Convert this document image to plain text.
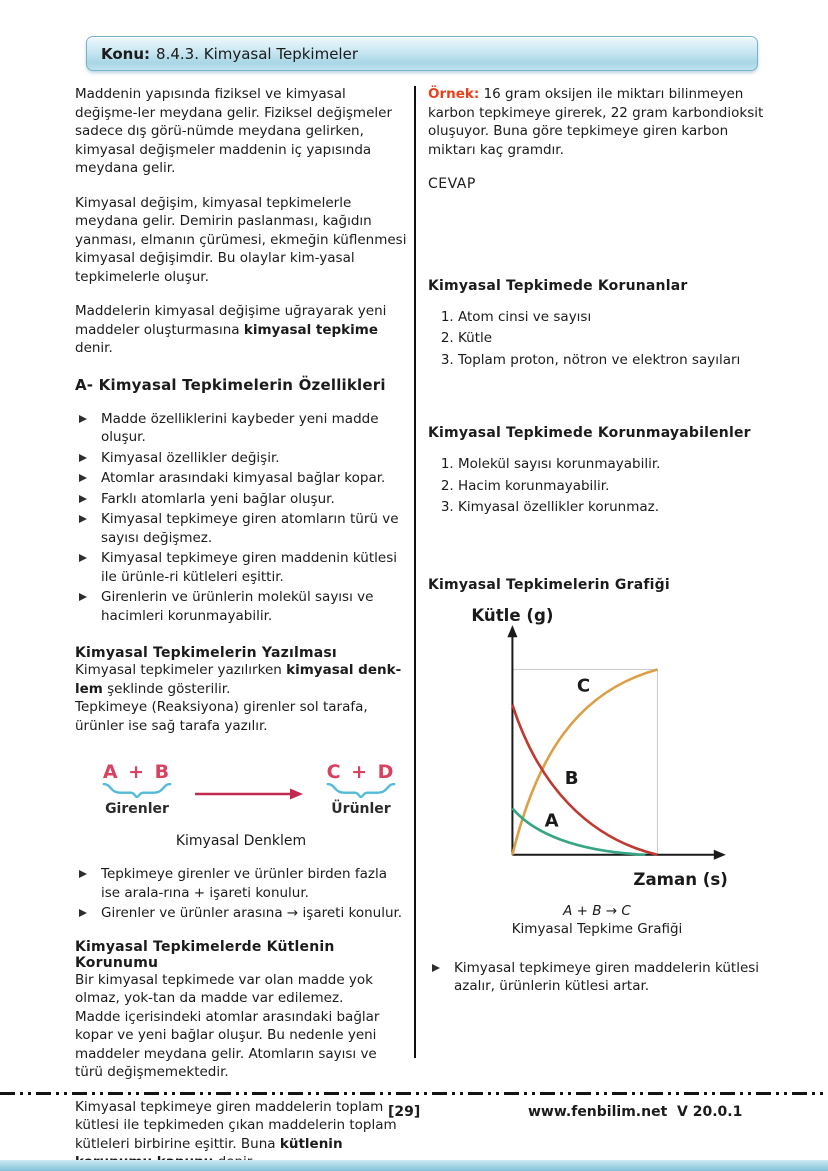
Konu: 8.4.3. Kimyasal Tepkimeler

Maddenin yapısında fiziksel ve kimyasal değişme-ler meydana gelir. Fiziksel değişmeler sadece dış görü-nümde meydana gelirken, kimyasal değişmeler maddenin iç yapısında meydana gelir.

Kimyasal değişim, kimyasal tepkimelerle meydana gelir. Demirin paslanması, kağıdın yanması, elmanın çürümesi, ekmeğin küflenmesi kimyasal değişimdir. Bu olaylar kim-yasal tepkimelerle oluşur.

Maddelerin kimyasal değişime uğrayarak yeni maddeler oluşturmasına kimyasal tepkime denir.

A- Kimyasal Tepkimelerin Özellikleri
Madde özelliklerini kaybeder yeni madde oluşur.
Kimyasal özellikler değişir.
Atomlar arasındaki kimyasal bağlar kopar.
Farklı atomlarla yeni bağlar oluşur.
Kimyasal tepkimeye giren atomların türü ve sayısı değişmez.
Kimyasal tepkimeye giren maddenin kütlesi ile ürünle-ri kütleleri eşittir.
Girenlerin ve ürünlerin molekül sayısı ve hacimleri korunmayabilir.
Kimyasal Tepkimelerin Yazılması

Kimyasal tepkimeler yazılırken kimyasal denk-lem şeklinde gösterilir.

Tepkimeye (Reaksiyona) girenler sol tarafa, ürünler ise sağ tarafa yazılır.

A + B
Girenler
C + D
Ürünler
Kimyasal Denklem
Tepkimeye girenler ve ürünler birden fazla ise arala-rına + işareti konulur.
Girenler ve ürünler arasına → işareti konulur.
Kimyasal Tepkimelerde Kütlenin Korunumu

Bir kimyasal tepkimede var olan madde yok olmaz, yok-tan da madde var edilemez.

Madde içerisindeki atomlar arasındaki bağlar kopar ve yeni bağlar oluşur. Bu nedenle yeni maddeler meydana gelir. Atomların sayısı ve türü değişmemektedir.

Kimyasal tepkimeye giren maddelerin toplam kütlesi ile tepkimeden çıkan maddelerin toplam kütleleri birbirine eşittir. Buna kütlenin

Örnek: 16 gram oksijen ile miktarı bilinmeyen karbon tepkimeye girerek, 22 gram karbondioksit oluşuyor. Buna göre tepkimeye giren karbon miktarı kaç gramdır.

CEVAP

Kimyasal Tepkimede Korunanlar
1. Atom cinsi ve sayısı
2. Kütle
3. Toplam proton, nötron ve elektron sayıları
Kimyasal Tepkimede Korunmayabilenler
1. Molekül sayısı korunmayabilir.
2. Hacim korunmayabilir.
3. Kimyasal özellikler korunmaz.
Kimyasal Tepkimelerin Grafiği
Kütle (g)
C
B
A
Zaman (s)
A + B → C
Kimyasal Tepkime Grafiği
Kimyasal tepkimeye giren maddelerin kütlesi azalır, ürünlerin kütlesi artar.
[29]	www.fenbilim.net V 20.0.1
